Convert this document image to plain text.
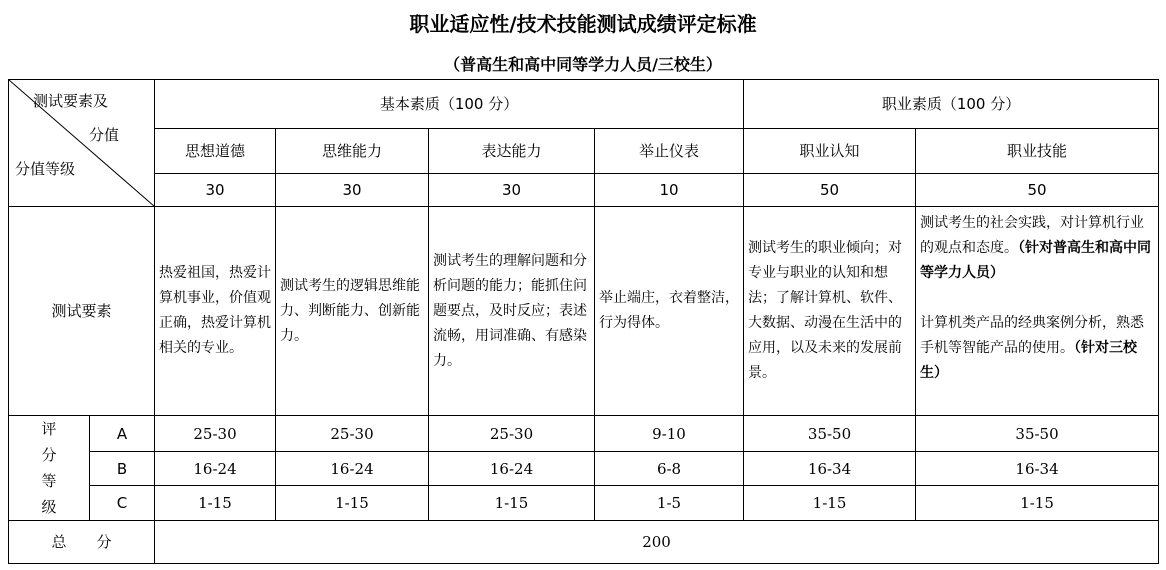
职业适应性/技术技能测试成绩评定标准
（普高生和高中同等学力人员/三校生）
测试要素及
分值
分值等级		基本素质（100 分）				职业素质（100 分）	
		思想道德	思维能力	表达能力	举止仪表	职业认知	职业技能
		30	30	30	10	50	50
测试要素		热爱祖国，热爱计算机事业，价值观正确，热爱计算机相关的专业。	测试考生的逻辑思维能力、判断能力、创新能力。	测试考生的理解问题和分析问题的能力；能抓住问题要点，及时反应；表述流畅，用词准确、有感染力。	举止端庄，衣着整洁，行为得体。	测试考生的职业倾向；对专业与职业的认知和想法；了解计算机、软件、大数据、动漫在生活中的应用，以及未来的发展前景。	测试考生的社会实践，对计算机行业的观点和态度。（针对普高生和高中同等学力人员）

计算机类产品的经典案例分析，熟悉手机等智能产品的使用。（针对三校生）

评
分
等
级	A	25-30	25-30	25-30	9-10	35-50	35-50
	B	16-24	16-24	16-24	6-8	16-34	16-34
	C	1-15	1-15	1-15	1-5	1-15	1-15
总　　分		200					
